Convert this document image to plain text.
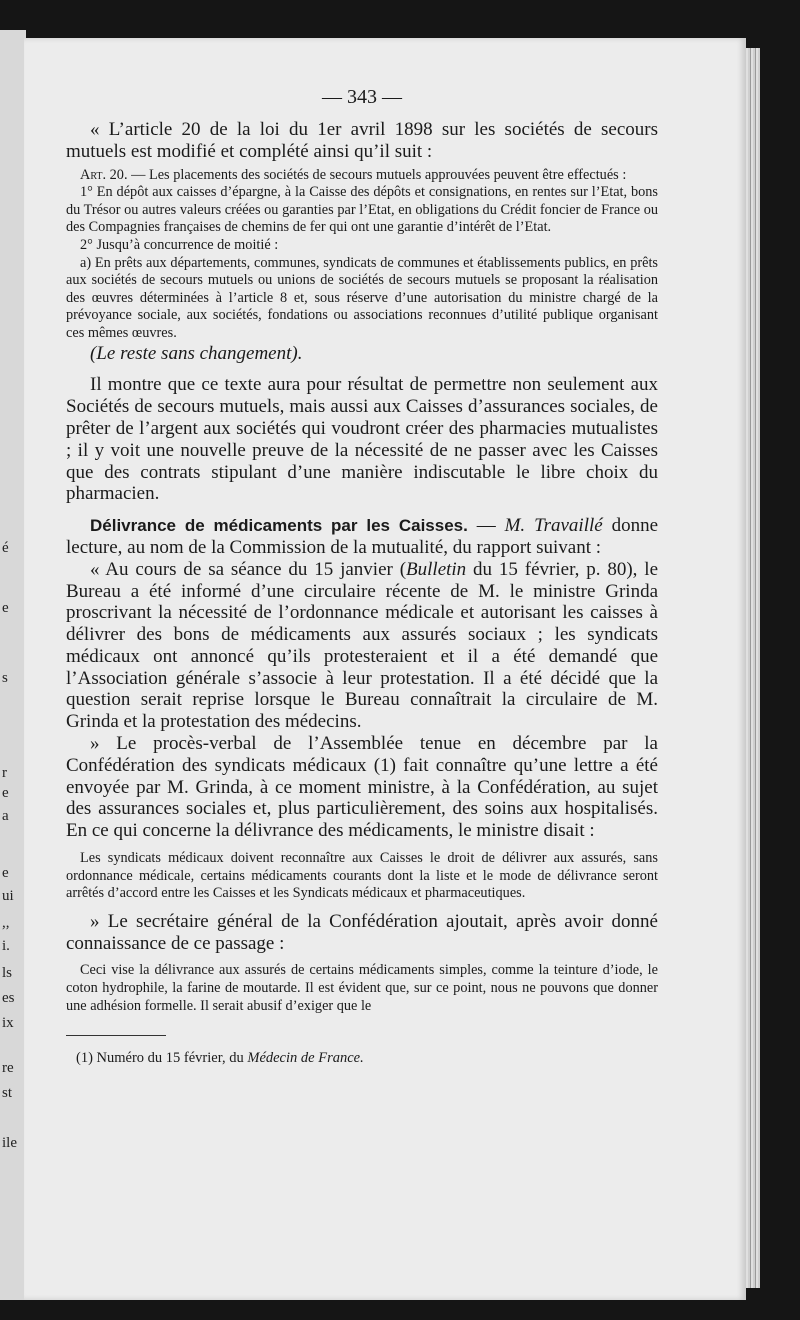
é
e
s
r
e
a
e
ui
,,
i.
ls
es
ix
re
st
ile
— 343 —

« L’article 20 de la loi du 1er avril 1898 sur les sociétés de secours mutuels est modifié et complété ainsi qu’il suit :

Art. 20. — Les placements des sociétés de secours mutuels approuvées peuvent être effectués :

1° En dépôt aux caisses d’épargne, à la Caisse des dépôts et consignations, en rentes sur l’Etat, bons du Trésor ou autres valeurs créées ou garanties par l’Etat, en obligations du Crédit foncier de France ou des Compagnies françaises de chemins de fer qui ont une garantie d’intérêt de l’Etat.

2° Jusqu’à concurrence de moitié :

a) En prêts aux départements, communes, syndicats de communes et établissements publics, en prêts aux sociétés de secours mutuels ou unions de sociétés de secours mutuels se proposant la réalisation des œuvres déterminées à l’article 8 et, sous réserve d’une autorisation du ministre chargé de la prévoyance sociale, aux sociétés, fondations ou associations reconnues d’utilité publique organisant ces mêmes œuvres.

(Le reste sans changement).

Il montre que ce texte aura pour résultat de permettre non seulement aux Sociétés de secours mutuels, mais aussi aux Caisses d’assurances sociales, de prêter de l’argent aux sociétés qui voudront créer des pharmacies mutualistes ; il y voit une nouvelle preuve de la nécessité de ne passer avec les Caisses que des contrats stipulant d’une manière indiscutable le libre choix du pharmacien.

Délivrance de médicaments par les Caisses. — M. Travaillé donne lecture, au nom de la Commission de la mutualité, du rapport suivant :

« Au cours de sa séance du 15 janvier (Bulletin du 15 février, p. 80), le Bureau a été informé d’une circulaire récente de M. le ministre Grinda proscrivant la nécessité de l’ordonnance médicale et autorisant les caisses à délivrer des bons de médicaments aux assurés sociaux ; les syndicats médicaux ont annoncé qu’ils protesteraient et il a été demandé que l’Association générale s’associe à leur protestation. Il a été décidé que la question serait reprise lorsque le Bureau connaîtrait la circulaire de M. Grinda et la protestation des médecins.

» Le procès-verbal de l’Assemblée tenue en décembre par la Confédération des syndicats médicaux (1) fait connaître qu’une lettre a été envoyée par M. Grinda, à ce moment ministre, à la Confédération, au sujet des assurances sociales et, plus particulièrement, des soins aux hospitalisés. En ce qui concerne la délivrance des médicaments, le ministre disait :

Les syndicats médicaux doivent reconnaître aux Caisses le droit de délivrer aux assurés, sans ordonnance médicale, certains médicaments courants dont la liste et le mode de délivrance seront arrêtés d’accord entre les Caisses et les Syndicats médicaux et pharmaceutiques.

» Le secrétaire général de la Confédération ajoutait, après avoir donné connaissance de ce passage :

Ceci vise la délivrance aux assurés de certains médicaments simples, comme la teinture d’iode, le coton hydrophile, la farine de moutarde. Il est évident que, sur ce point, nous ne pouvons que donner une adhésion formelle. Il serait abusif d’exiger que le

(1) Numéro du 15 février, du Médecin de France.
